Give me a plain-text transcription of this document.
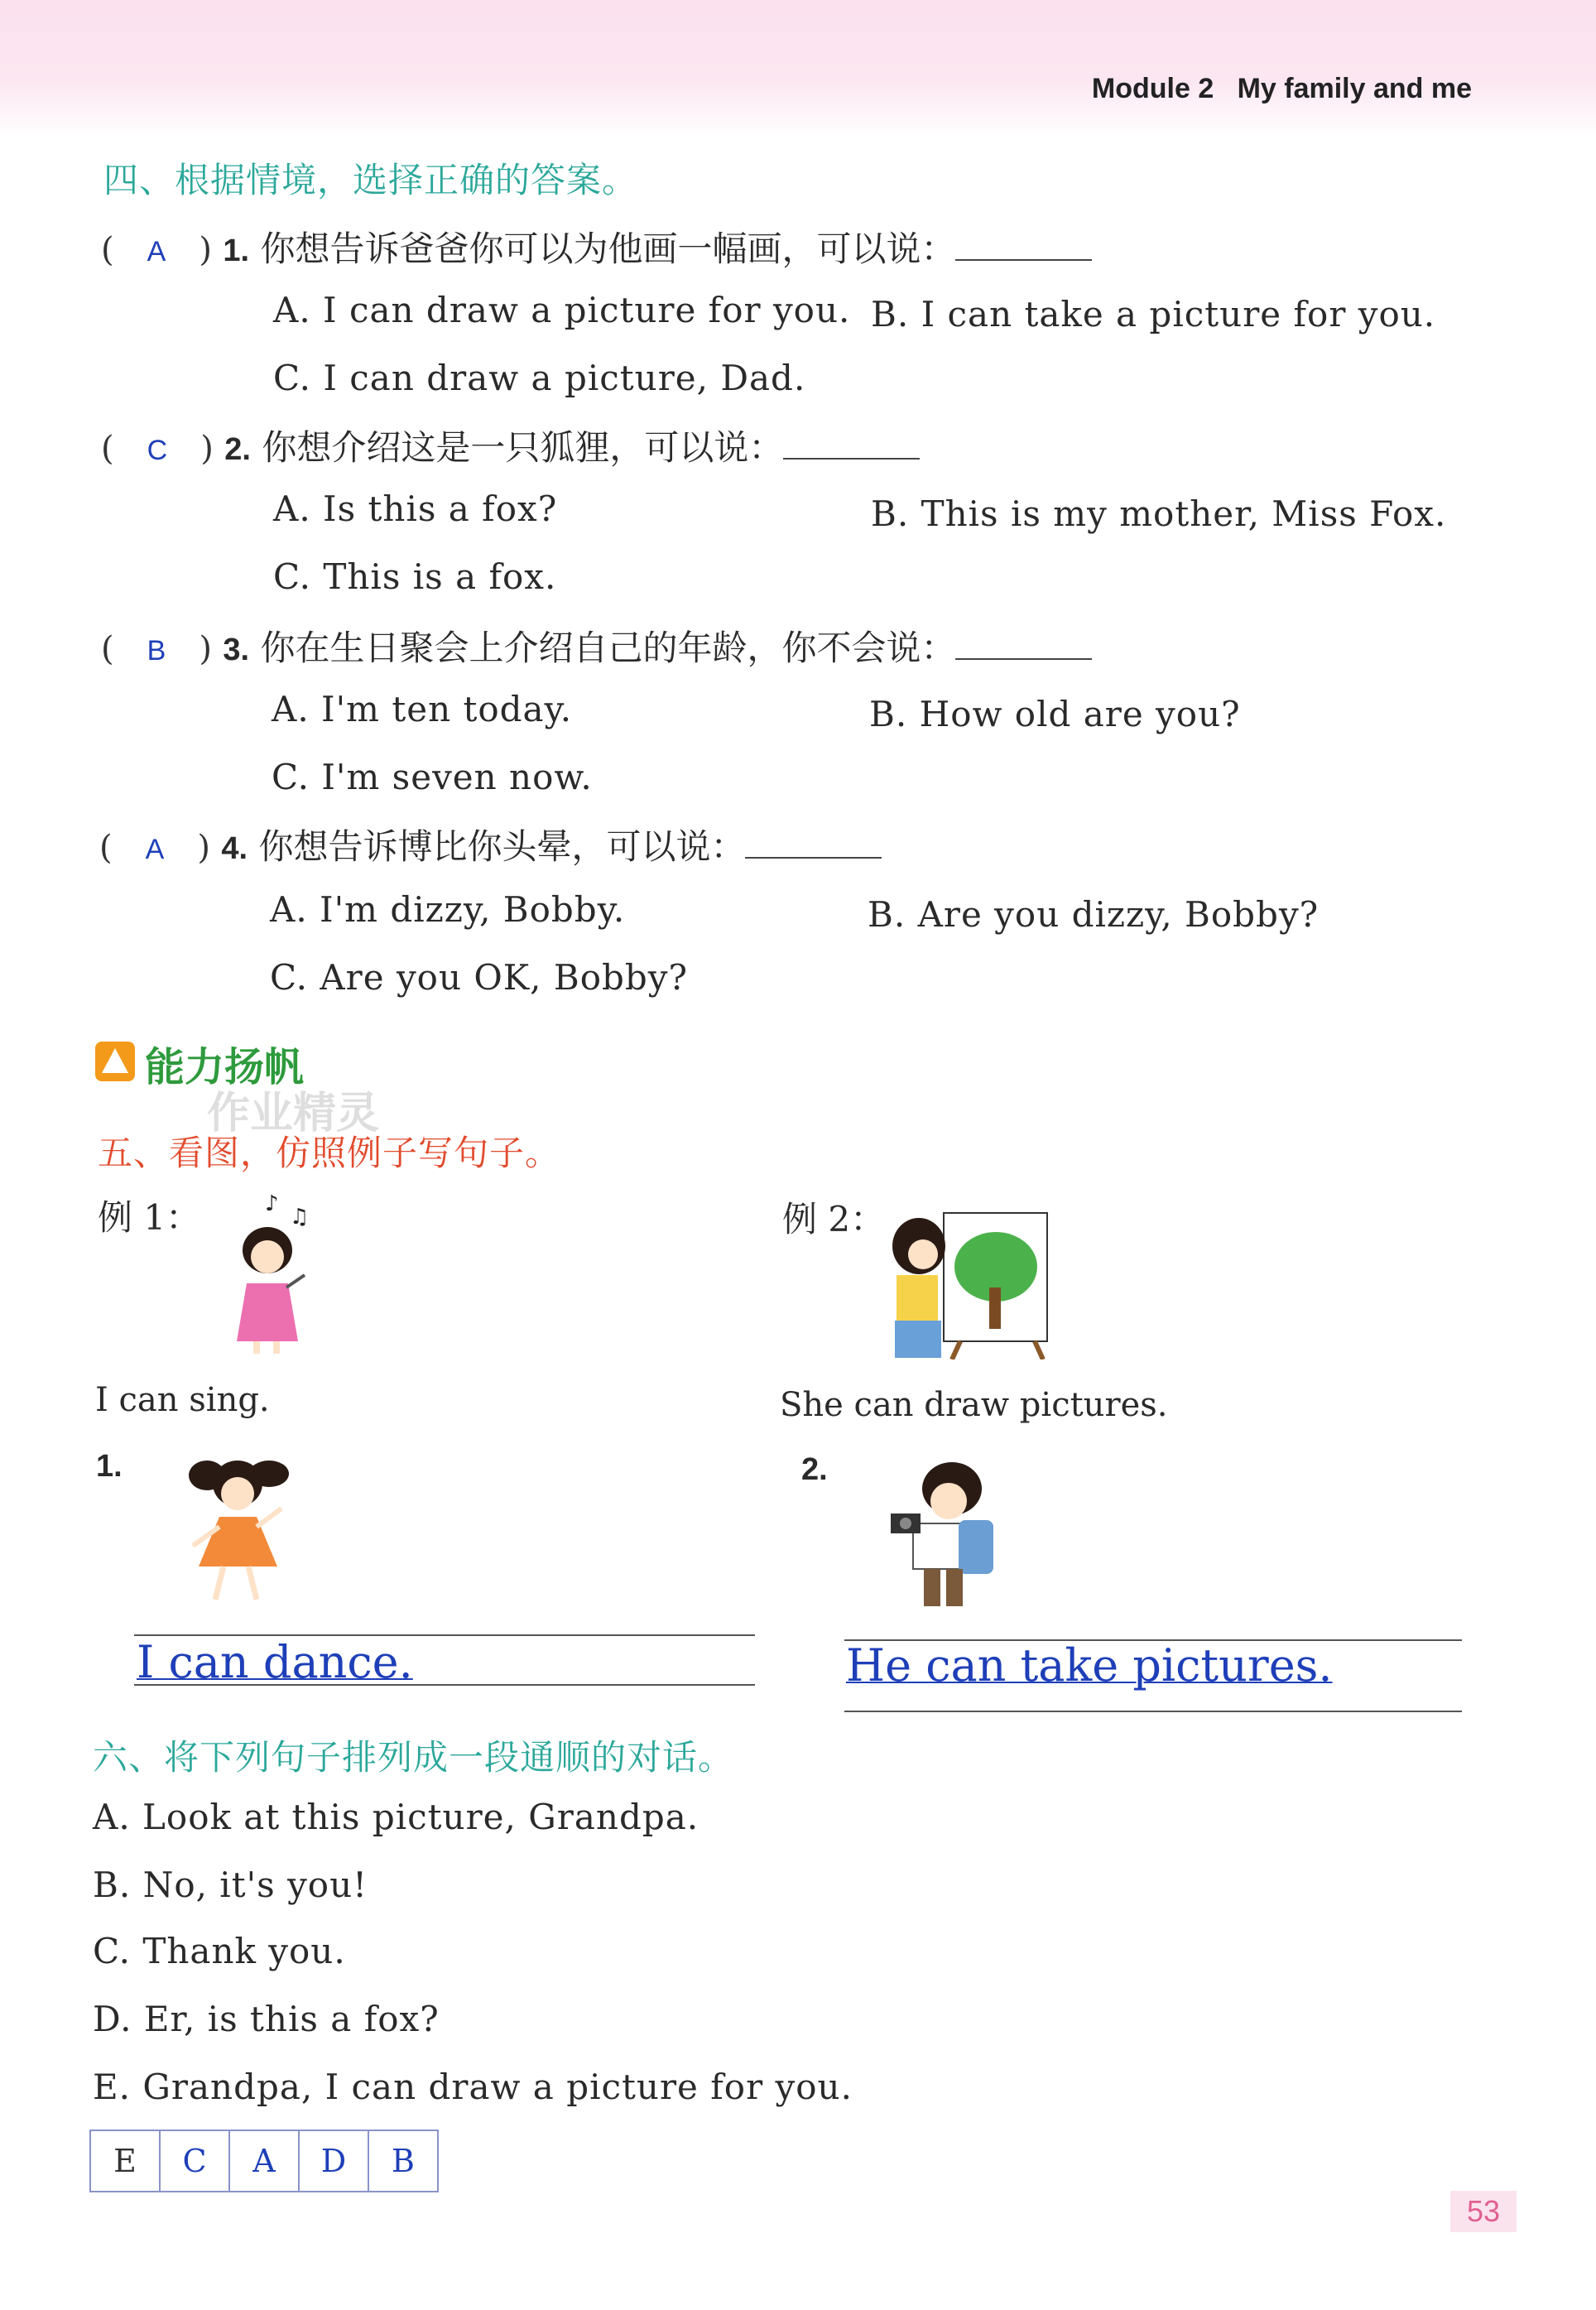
Module 2 My family and me
四、根据情境，选择正确的答案。
( A ) 1. 你想告诉爸爸你可以为他画一幅画，可以说：
A. I can draw a picture for you. B. I can take a picture for you.
C. I can draw a picture, Dad.
( C ) 2. 你想介绍这是一只狐狸，可以说：
A. Is this a fox?	B. This is my mother, Miss Fox.
C. This is a fox.
( B ) 3. 你在生日聚会上介绍自己的年龄，你不会说：
A. I'm ten today.	B. How old are you?
C. I'm seven now.
( A ) 4. 你想告诉博比你头晕，可以说：
A. I'm dizzy, Bobby.	B. Are you dizzy, Bobby?
C. Are you OK, Bobby?
能力扬帆
作业精灵
五、看图，仿照例子写句子。
例 1：	♪
♫
I can sing.
例 2：
She can draw pictures.
1.
I can dance.
2.
He can take pictures.
六、将下列句子排列成一段通顺的对话。
A. Look at this picture, Grandpa.
B. No, it's you!
C. Thank you.
D. Er, is this a fox?
E. Grandpa, I can draw a picture for you.
E	C	A	D	B
53
